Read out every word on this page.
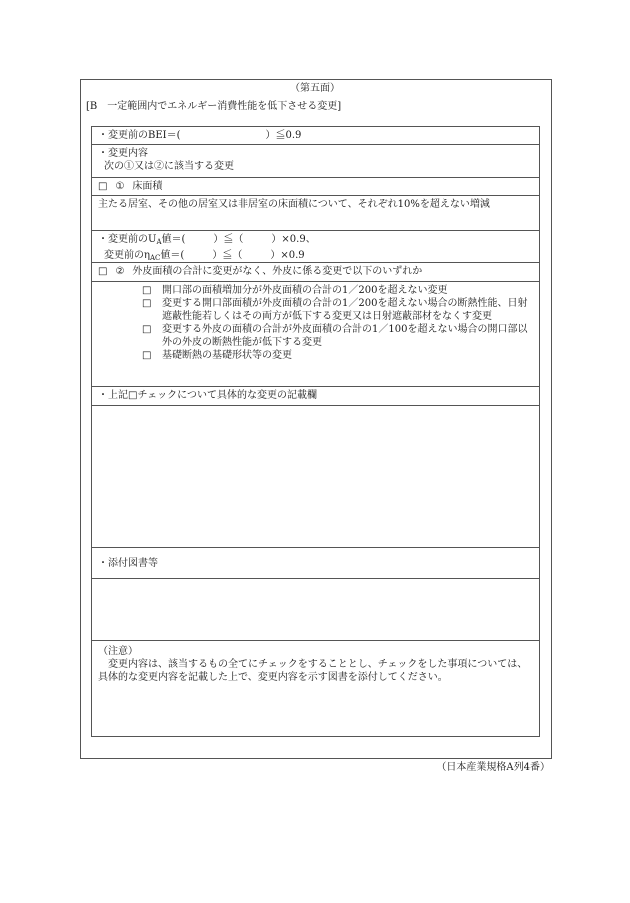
（第五面）
[B　一定範囲内でエネルギー消費性能を低下させる変更]
・変更前のBEI＝(	）≦0.9
・変更内容
次の①又は②に該当する変更
□ ① 床面積
主たる居室、その他の居室又は非居室の床面積について、それぞれ10%を超えない増減
・変更前の$U_A$値＝(	）≦（	）×0.9、
変更前の$\eta_{AC}$値＝(	）≦（	）×0.9
□ ② 外皮面積の合計に変更がなく、外皮に係る変更で以下のいずれか
□ 開口部の面積増加分が外皮面積の合計の1／200を超えない変更
□ 変更する開口部面積が外皮面積の合計の1／200を超えない場合の断熱性能、日射遮蔽性能若しくはその両方が低下する変更又は日射遮蔽部材をなくす変更
□ 変更する外皮の面積の合計が外皮面積の合計の1／100を超えない場合の開口部以外の外皮の断熱性能が低下する変更
□ 基礎断熱の基礎形状等の変更
・上記□チェックについて具体的な変更の記載欄
・添付図書等
（注意）
変更内容は、該当するもの全てにチェックをすることとし、チェックをした事項については、具体的な変更内容を記載した上で、変更内容を示す図書を添付してください。
（日本産業規格A列4番）
